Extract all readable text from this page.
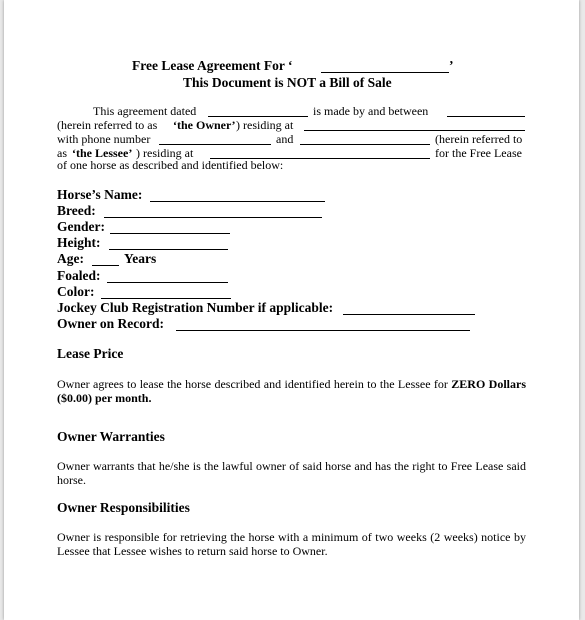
Free Lease Agreement For ‘	’
This Document is NOT a Bill of Sale
This agreement dated	is made by and between
(herein referred to as ‘the Owner’ ) residing at
with phone number	and	(herein referred to
as ‘the Lessee’ ) residing at	for the Free Lease
of one horse as described and identified below:
Horse’s Name:
Breed:
Gender:
Height:
Age:	Years
Foaled:
Color:
Jockey Club Registration Number if applicable:
Owner on Record:
Lease Price
Owner agrees to lease the horse described and identified herein to the Lessee for ZERO Dollars ($0.00) per month.
Owner Warranties
Owner warrants that he/she is the lawful owner of said horse and has the right to Free Lease said horse.
Owner Responsibilities
Owner is responsible for retrieving the horse with a minimum of two weeks (2 weeks) notice by Lessee that Lessee wishes to return said horse to Owner.
